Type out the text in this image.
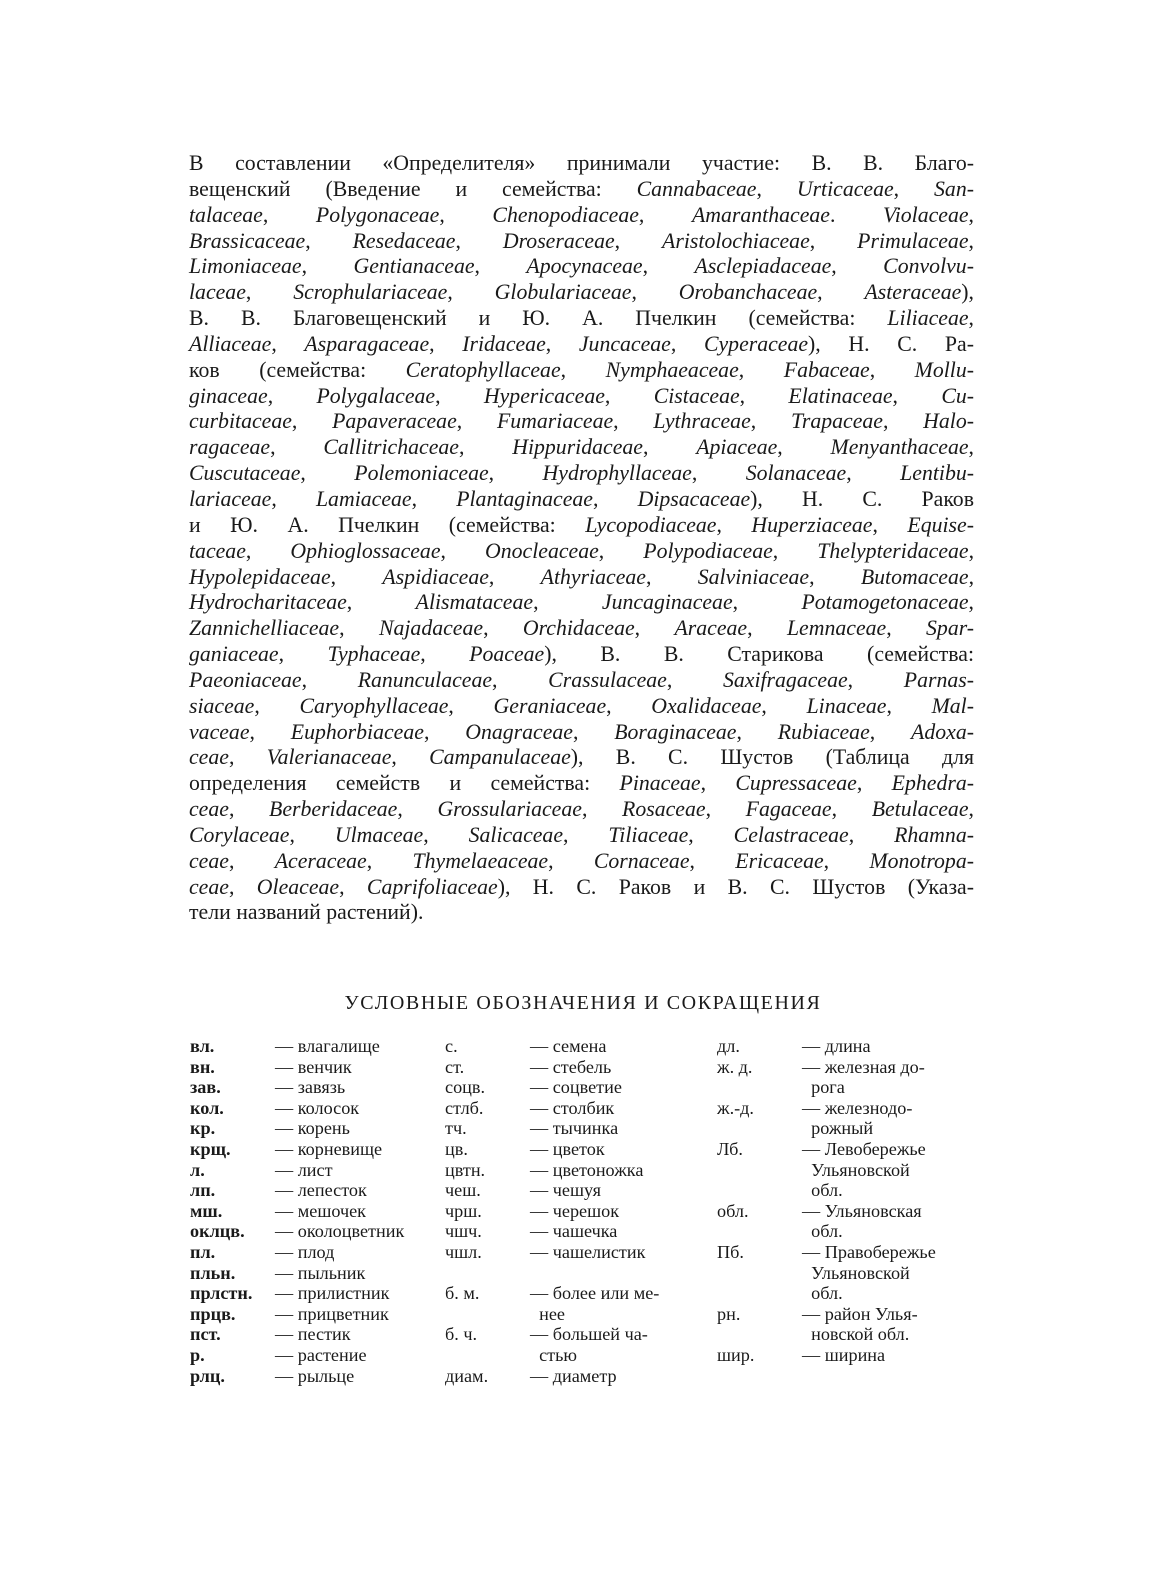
В составлении «Определителя» принимали участие: В. В. Благо-
вещенский (Введение и семейства: Cannabaceae, Urticaceae, San-
talaceae, Polygonaceae, Chenopodiaceae, Amaranthaceae. Violaceae,
Brassicaceae, Resedaceae, Droseraceae, Aristolochiaceae, Primulaceae,
Limoniaceae, Gentianaceae, Apocynaceae, Asclepiadaceae, Convolvu-
laceae, Scrophulariaceae, Globulariaceae, Orobanchaceae, Asteraceae),
В. В. Благовещенский и Ю. А. Пчелкин (семейства: Liliaceae,
Alliaceae, Asparagaceae, Iridaceae, Juncaceae, Cyperaceae), Н. С. Ра-
ков (семейства: Ceratophyllaceae, Nymphaeaceae, Fabaceae, Mollu-
ginaceae, Polygalaceae, Hypericaceae, Cistaceae, Elatinaceae, Cu-
curbitaceae, Papaveraceae, Fumariaceae, Lythraceae, Trapaceae, Halo-
ragaceae, Callitrichaceae, Hippuridaceae, Apiaceae, Menyanthaceae,
Cuscutaceae, Polemoniaceae, Hydrophyllaceae, Solanaceae, Lentibu-
lariaceae, Lamiaceae, Plantaginaceae, Dipsacaceae), Н. С. Раков
и Ю. А. Пчелкин (семейства: Lycopodiaceae, Huperziaceae, Equise-
taceae, Ophioglossaceae, Onocleaceae, Polypodiaceae, Thelypteridaceae,
Hypolepidaceae, Aspidiaceae, Athyriaceae, Salviniaceae, Butomaceae,
Hydrocharitaceae, Alismataceae, Juncaginaceae, Potamogetonaceae,
Zannichelliaceae, Najadaceae, Orchidaceae, Araceae, Lemnaceae, Spar-
ganiaceae, Typhaceae, Poaceae), В. В. Старикова (семейства:
Paeoniaceae, Ranunculaceae, Crassulaceae, Saxifragaceae, Parnas-
siaceae, Caryophyllaceae, Geraniaceae, Oxalidaceae, Linaceae, Mal-
vaceae, Euphorbiaceae, Onagraceae, Boraginaceae, Rubiaceae, Adoxa-
ceae, Valerianaceae, Campanulaceae), В. С. Шустов (Таблица для
определения семейств и семейства: Pinaceae, Cupressaceae, Ephedra-
ceae, Berberidaceae, Grossulariaceae, Rosaceae, Fagaceae, Betulaceae,
Corylaceae, Ulmaceae, Salicaceae, Tiliaceae, Celastraceae, Rhamna-
ceae, Aceraceae, Thymelaeaceae, Cornaceae, Ericaceae, Monotropa-
ceae, Oleaceae, Caprifoliaceae), Н. С. Раков и В. С. Шустов (Указа-
тели названий растений).
УСЛОВНЫЕ ОБОЗНАЧЕНИЯ И СОКРАЩЕНИЯ
вл.	— влагалище
вн.	— венчик
зав.	— завязь
кол.	— колосок
кр.	— корень
крщ.	— корневище
л.	— лист
лп.	— лепесток
мш.	— мешочек
оклцв.	— околоцветник
пл.	— плод
пльн.	— пыльник
прлстн.	— прилистник
прцв.	— прицветник
пст.	— пестик
р.	— растение
рлц.	— рыльце
с.	— семена
ст.	— стебель
соцв.	— соцветие
стлб.	— столбик
тч.	— тычинка
цв.	— цветок
цвтн.	— цветоножка
чеш.	— чешуя
чрш.	— черешок
чшч.	— чашечка
чшл.	— чашелистик
б. м.	— более или ме-
нее
б. ч.	— большей ча-
стью
диам.	— диаметр
дл.	— длина
ж. д.	— железная до-
рога
ж.-д.	— железнодо-
рожный
Лб.	— Левобережье
Ульяновской
обл.
обл.	— Ульяновская
обл.
Пб.	— Правобережье
Ульяновской
обл.
рн.	— район Улья-
новской обл.
шир.	— ширина
